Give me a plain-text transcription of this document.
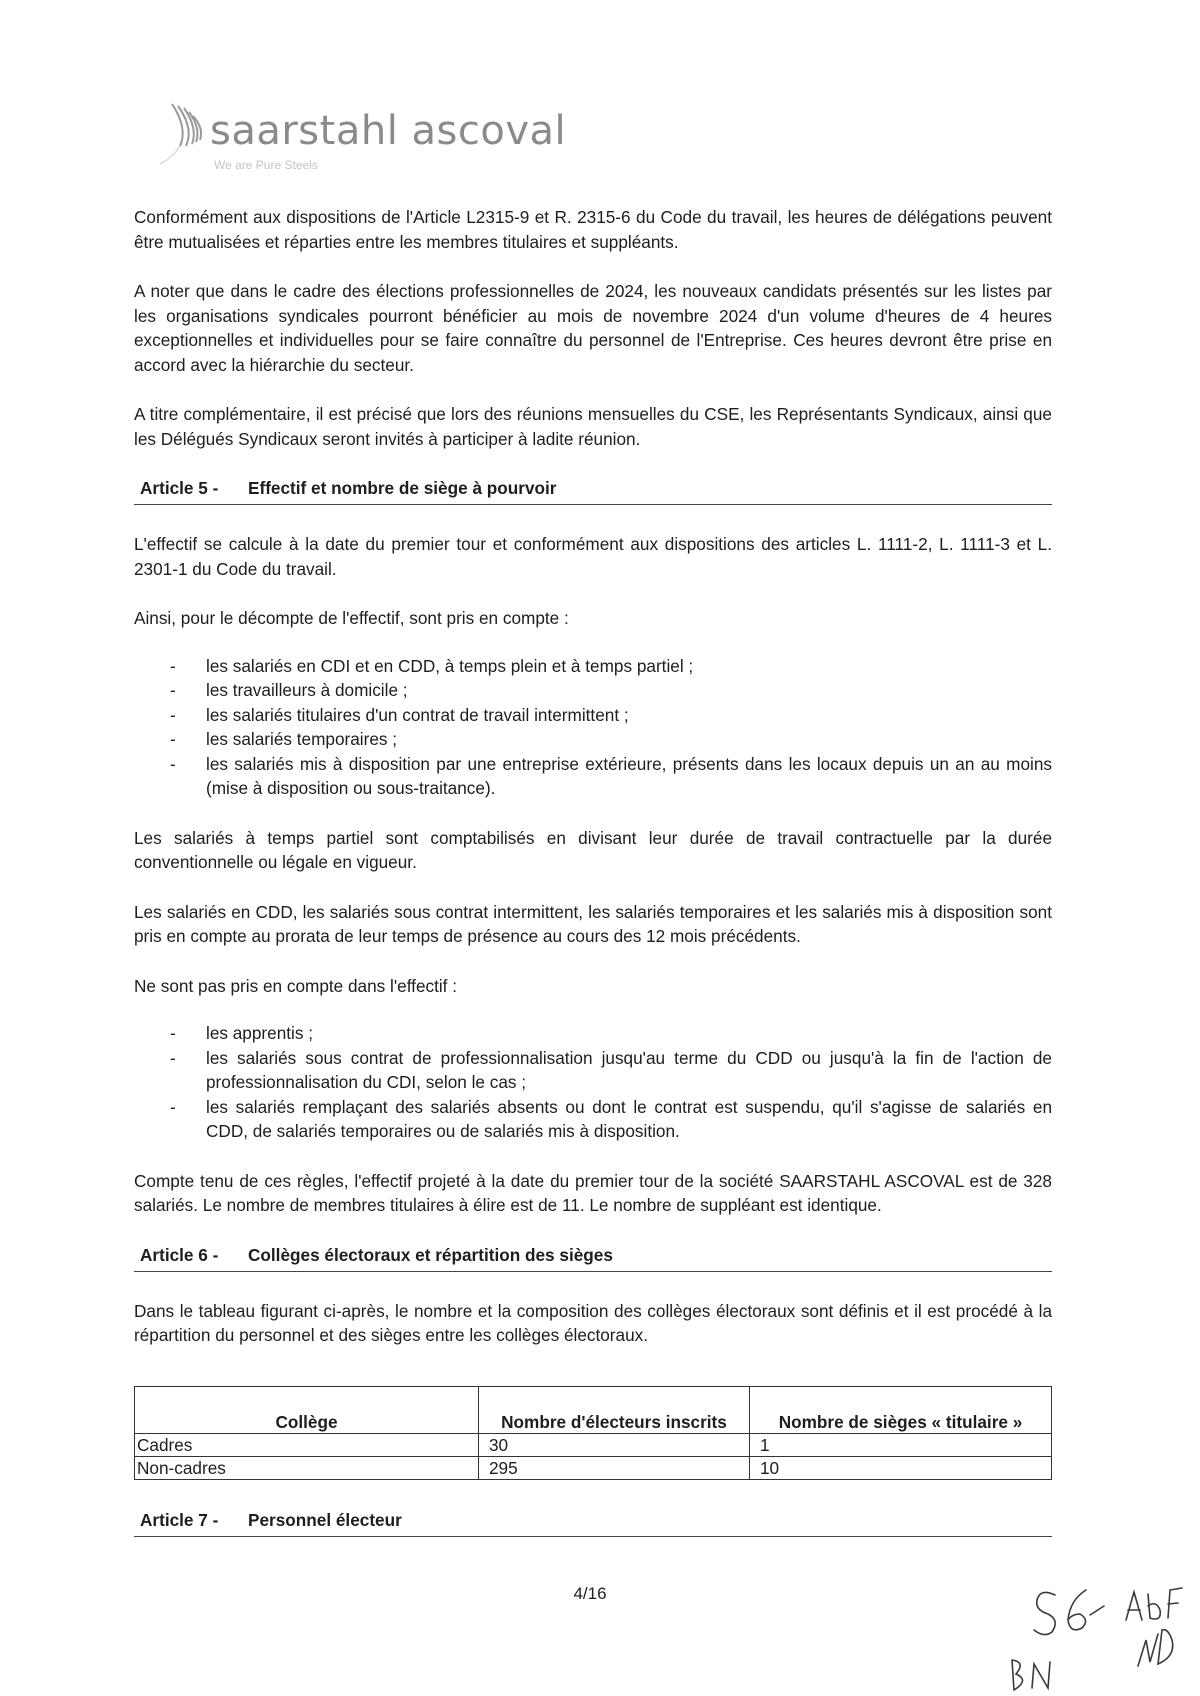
saarstahl ascoval
We are Pure Steels

Conformément aux dispositions de l'Article L2315-9 et R. 2315-6 du Code du travail, les heures de délégations peuvent être mutualisées et réparties entre les membres titulaires et suppléants.

A noter que dans le cadre des élections professionnelles de 2024, les nouveaux candidats présentés sur les listes par les organisations syndicales pourront bénéficier au mois de novembre 2024 d'un volume d'heures de 4 heures exceptionnelles et individuelles pour se faire connaître du personnel de l'Entreprise. Ces heures devront être prise en accord avec la hiérarchie du secteur.

A titre complémentaire, il est précisé que lors des réunions mensuelles du CSE, les Représentants Syndicaux, ainsi que les Délégués Syndicaux seront invités à participer à ladite réunion.

Article 5 - Effectif et nombre de siège à pourvoir

L'effectif se calcule à la date du premier tour et conformément aux dispositions des articles L. 1111-2, L. 1111-3 et L. 2301-1 du Code du travail.

Ainsi, pour le décompte de l'effectif, sont pris en compte :

- les salariés en CDI et en CDD, à temps plein et à temps partiel ;
- les travailleurs à domicile ;
- les salariés titulaires d'un contrat de travail intermittent ;
- les salariés temporaires ;
- les salariés mis à disposition par une entreprise extérieure, présents dans les locaux depuis un an au moins (mise à disposition ou sous-traitance).

Les salariés à temps partiel sont comptabilisés en divisant leur durée de travail contractuelle par la durée conventionnelle ou légale en vigueur.

Les salariés en CDD, les salariés sous contrat intermittent, les salariés temporaires et les salariés mis à disposition sont pris en compte au prorata de leur temps de présence au cours des 12 mois précédents.

Ne sont pas pris en compte dans l'effectif :

- les apprentis ;
- les salariés sous contrat de professionnalisation jusqu'au terme du CDD ou jusqu'à la fin de l'action de professionnalisation du CDI, selon le cas ;
- les salariés remplaçant des salariés absents ou dont le contrat est suspendu, qu'il s'agisse de salariés en CDD, de salariés temporaires ou de salariés mis à disposition.

Compte tenu de ces règles, l'effectif projeté à la date du premier tour de la société SAARSTAHL ASCOVAL est de 328 salariés. Le nombre de membres titulaires à élire est de 11. Le nombre de suppléant est identique.

Article 6 - Collèges électoraux et répartition des sièges

Dans le tableau figurant ci-après, le nombre et la composition des collèges électoraux sont définis et il est procédé à la répartition du personnel et des sièges entre les collèges électoraux.

Collège	Nombre d'électeurs inscrits	Nombre de sièges « titulaire »
Cadres	30	1
Non-cadres	295	10
Article 7 - Personnel électeur
4/16
